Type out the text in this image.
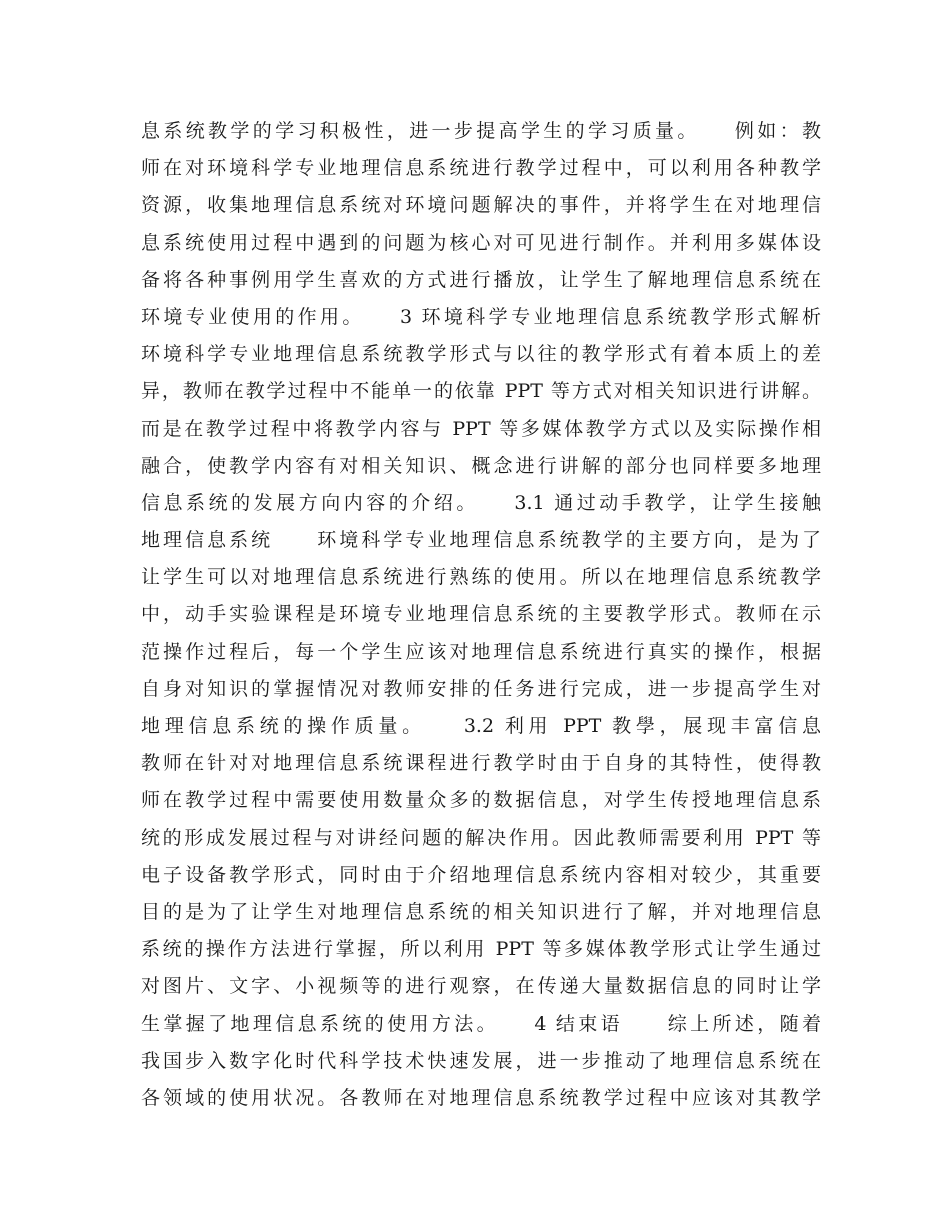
息系统教学的学习积极性，进一步提高学生的学习质量。　　例如：教
师在对环境科学专业地理信息系统进行教学过程中，可以利用各种教学
资源，收集地理信息系统对环境问题解决的事件，并将学生在对地理信
息系统使用过程中遇到的问题为核心对可见进行制作。并利用多媒体设
备将各种事例用学生喜欢的方式进行播放，让学生了解地理信息系统在
环境专业使用的作用。　　3 环境科学专业地理信息系统教学形式解析
环境科学专业地理信息系统教学形式与以往的教学形式有着本质上的差
异，教师在教学过程中不能单一的依靠 PPT 等方式对相关知识进行讲解。
而是在教学过程中将教学内容与 PPT 等多媒体教学方式以及实际操作相
融合，使教学内容有对相关知识、概念进行讲解的部分也同样要多地理
信息系统的发展方向内容的介绍。　　3.1 通过动手教学，让学生接触
地理信息系统　　环境科学专业地理信息系统教学的主要方向，是为了
让学生可以对地理信息系统进行熟练的使用。所以在地理信息系统教学
中，动手实验课程是环境专业地理信息系统的主要教学形式。教师在示
范操作过程后，每一个学生应该对地理信息系统进行真实的操作，根据
自身对知识的掌握情况对教师安排的任务进行完成，进一步提高学生对
地理信息系统的操作质量。　　3.2 利用 PPT 教學，展现丰富信息
教师在针对对地理信息系统课程进行教学时由于自身的其特性，使得教
师在教学过程中需要使用数量众多的数据信息，对学生传授地理信息系
统的形成发展过程与对讲经问题的解决作用。因此教师需要利用 PPT 等
电子设备教学形式，同时由于介绍地理信息系统内容相对较少，其重要
目的是为了让学生对地理信息系统的相关知识进行了解，并对地理信息
系统的操作方法进行掌握，所以利用 PPT 等多媒体教学形式让学生通过
对图片、文字、小视频等的进行观察，在传递大量数据信息的同时让学
生掌握了地理信息系统的使用方法。　　4 结束语　　综上所述，随着
我国步入数字化时代科学技术快速发展，进一步推动了地理信息系统在
各领域的使用状况。各教师在对地理信息系统教学过程中应该对其教学
